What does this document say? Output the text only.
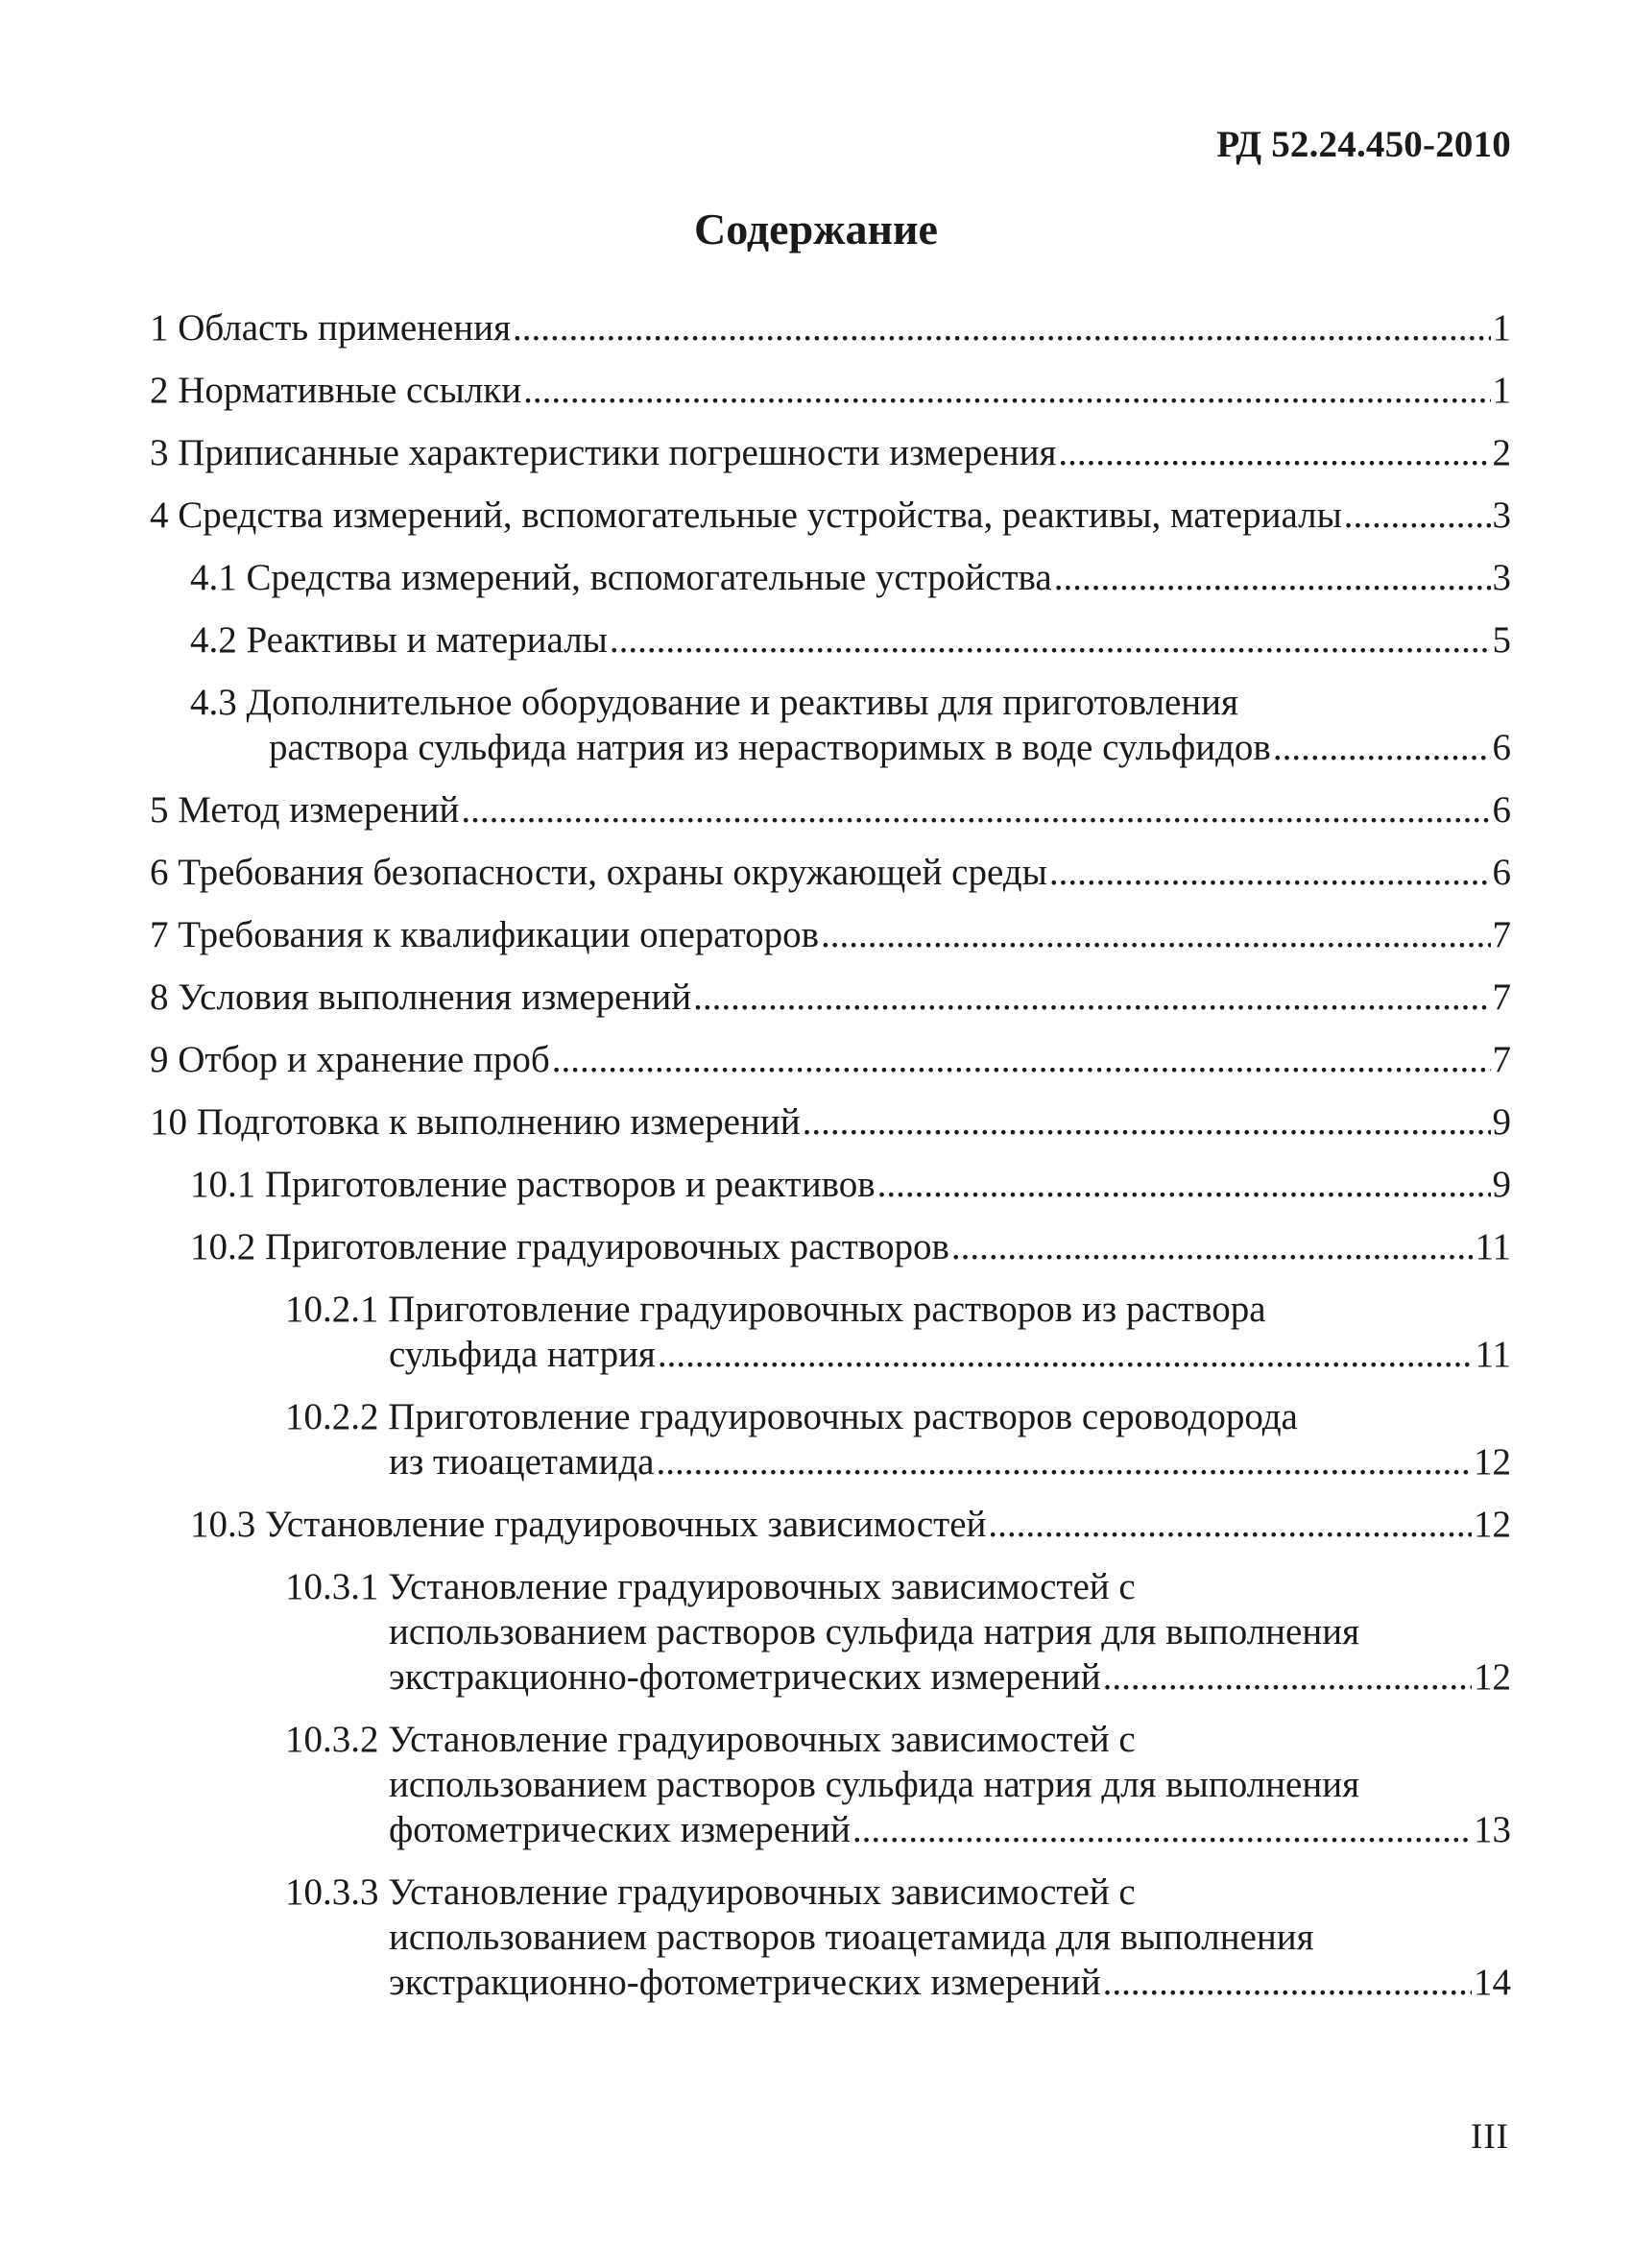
РД 52.24.450-2010
Содержание
1 Область применения .....	1
2 Нормативные ссылки .....	1
3 Приписанные характеристики погрешности измерения .....	2
4 Средства измерений, вспомогательные устройства, реактивы, материалы .....	3
4.1 Средства измерений, вспомогательные устройства .....	3
4.2 Реактивы и материалы .....	5
4.3 Дополнительное оборудование и реактивы для приготовления
раствора сульфида натрия из нерастворимых в воде сульфидов .....	6
5 Метод измерений .....	6
6 Требования безопасности, охраны окружающей среды .....	6
7 Требования к квалификации операторов .....	7
8 Условия выполнения измерений .....	7
9 Отбор и хранение проб .....	7
10 Подготовка к выполнению измерений .....	9
10.1 Приготовление растворов и реактивов .....	9
10.2 Приготовление градуировочных растворов .....	11
10.2.1 Приготовление градуировочных растворов из раствора
сульфида натрия .....	11
10.2.2 Приготовление градуировочных растворов сероводорода
из тиоацетамида .....	12
10.3 Установление градуировочных зависимостей .....	12
10.3.1 Установление градуировочных зависимостей с
использованием растворов сульфида натрия для выполнения
экстракционно-фотометрических измерений .....	12
10.3.2 Установление градуировочных зависимостей с
использованием растворов сульфида натрия для выполнения
фотометрических измерений .....	13
10.3.3 Установление градуировочных зависимостей с
использованием растворов тиоацетамида для выполнения
экстракционно-фотометрических измерений .....	14
III
